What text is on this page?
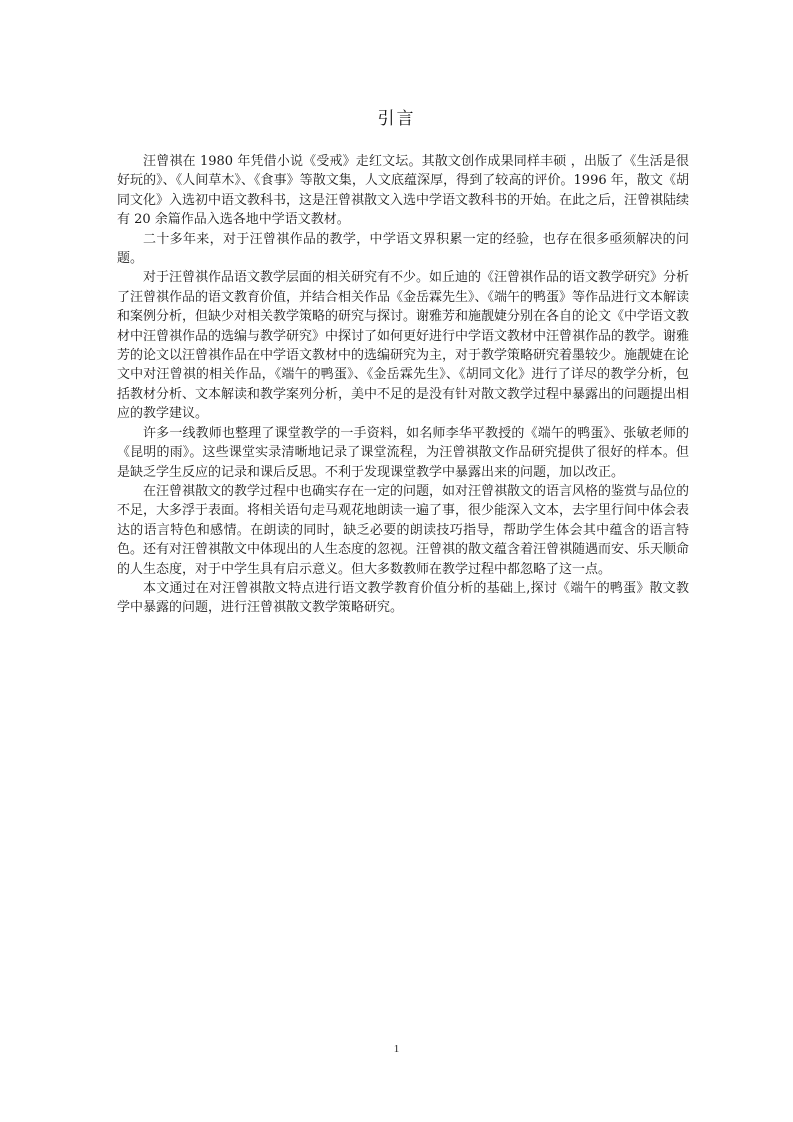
引言

汪曾祺在 1980 年凭借小说《受戒》走红文坛。其散文创作成果同样丰硕 ，出版了《生活是很好玩的》、《人间草木》、《食事》等散文集，人文底蕴深厚，得到了较高的评价。1996 年，散文《胡同文化》入选初中语文教科书，这是汪曾祺散文入选中学语文教科书的开始。在此之后，汪曾祺陆续有 20 余篇作品入选各地中学语文教材。

二十多年来，对于汪曾祺作品的教学，中学语文界积累一定的经验，也存在很多亟须解决的问题。

对于汪曾祺作品语文教学层面的相关研究有不少。如丘迪的《汪曾祺作品的语文教学研究》分析了汪曾祺作品的语文教育价值，并结合相关作品《金岳霖先生》、《端午的鸭蛋》等作品进行文本解读和案例分析，但缺少对相关教学策略的研究与探讨。谢雅芳和施靓婕分别在各自的论文《中学语文教材中汪曾祺作品的选编与教学研究》中探讨了如何更好进行中学语文教材中汪曾祺作品的教学。谢雅芳的论文以汪曾祺作品在中学语文教材中的选编研究为主，对于教学策略研究着墨较少。施靓婕在论文中对汪曾祺的相关作品，《端午的鸭蛋》、《金岳霖先生》、《胡同文化》进行了详尽的教学分析，包括教材分析、文本解读和教学案列分析，美中不足的是没有针对散文教学过程中暴露出的问题提出相应的教学建议。

许多一线教师也整理了课堂教学的一手资料，如名师李华平教授的《端午的鸭蛋》、张敏老师的《昆明的雨》。这些课堂实录清晰地记录了课堂流程，为汪曾祺散文作品研究提供了很好的样本。但是缺乏学生反应的记录和课后反思。不利于发现课堂教学中暴露出来的问题，加以改正。

在汪曾祺散文的教学过程中也确实存在一定的问题，如对汪曾祺散文的语言风格的鉴赏与品位的不足，大多浮于表面。将相关语句走马观花地朗读一遍了事，很少能深入文本，去字里行间中体会表达的语言特色和感情。在朗读的同时，缺乏必要的朗读技巧指导，帮助学生体会其中蕴含的语言特色。还有对汪曾祺散文中体现出的人生态度的忽视。汪曾祺的散文蕴含着汪曾祺随遇而安、乐天顺命的人生态度，对于中学生具有启示意义。但大多数教师在教学过程中都忽略了这一点。

本文通过在对汪曾祺散文特点进行语文教学教育价值分析的基础上,探讨《端午的鸭蛋》散文教学中暴露的问题，进行汪曾祺散文教学策略研究。

1
